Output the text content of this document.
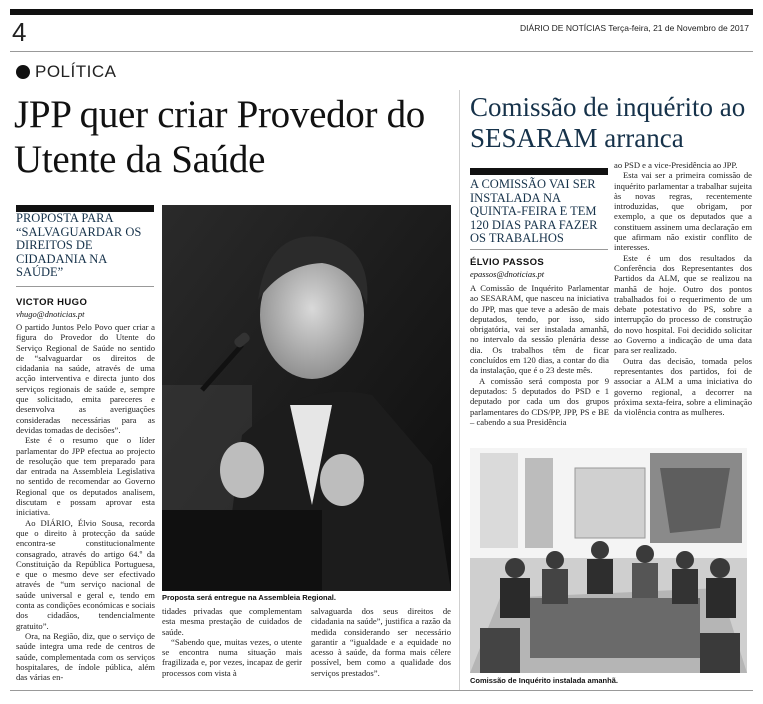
4	DIÁRIO DE NOTÍCIAS Terça-feira, 21 de Novembro de 2017
POLÍTICA
JPP quer criar Provedor do Utente da Saúde
PROPOSTA PARA “SALVAGUARDAR OS DIREITOS DE CIDADANIA NA SAÚDE”
VICTOR HUGO
vhugo@dnoticias.pt

O partido Juntos Pelo Povo quer criar a figura do Provedor do Utente do Serviço Regional de Saúde no sentido de “salvaguardar os direitos de cidadania na saúde, através de uma acção interventiva e directa junto dos serviços regionais de saúde e, sempre que solicitado, emita pareceres e desenvolva as averiguações consideradas necessárias para as devidas tomadas de decisões”.

Este é o resumo que o líder parlamentar do JPP efectua ao projecto de resolução que tem preparado para dar entrada na Assembleia Legislativa no sentido de recomendar ao Governo Regional que os deputados analisem, discutam e possam aprovar esta iniciativa.

Ao DIÁRIO, Élvio Sousa, recorda que o direito à protecção da saúde encontra-se constitucionalmente consagrado, através do artigo 64.º da Constituição da República Portuguesa, e que o mesmo deve ser efectivado através de “um serviço nacional de saúde universal e geral e, tendo em conta as condições económicas e sociais dos cidadãos, tendencialmente gratuito”.

Ora, na Região, diz, que o serviço de saúde integra uma rede de centros de saúde, complementada com os serviços hospitalares, de índole pública, além das várias en-

Proposta será entregue na Assembleia Regional.

tidades privadas que complementam esta mesma prestação de cuidados de saúde.

“Sabendo que, muitas vezes, o utente se encontra numa situação mais fragilizada e, por vezes, incapaz de gerir processos com vista à

salvaguarda dos seus direitos de cidadania na saúde”, justifica a razão da medida considerando ser necessário garantir a “igualdade e a equidade no acesso à saúde, da forma mais célere possível, bem como a qualidade dos serviços prestados”.

Comissão de inquérito ao SESARAM arranca
A COMISSÃO VAI SER INSTALADA NA QUINTA-FEIRA E TEM 120 DIAS PARA FAZER OS TRABALHOS
ÉLVIO PASSOS
epassos@dnoticias.pt

A Comissão de Inquérito Parlamentar ao SESARAM, que nasceu na iniciativa do JPP, mas que teve a adesão de mais deputados, tendo, por isso, sido obrigatória, vai ser instalada amanhã, no intervalo da sessão plenária desse dia. Os trabalhos têm de ficar concluídos em 120 dias, a contar do dia da instalação, que é o 23 deste mês.

A comissão será composta por 9 deputados: 5 deputados do PSD e 1 deputado por cada um dos grupos parlamentares do CDS/PP, JPP, PS e BE – cabendo a sua Presidência

ao PSD e a vice-Presidência ao JPP.

Esta vai ser a primeira comissão de inquérito parlamentar a trabalhar sujeita às novas regras, recentemente introduzidas, que obrigam, por exemplo, a que os deputados que a constituem assinem uma declaração em que afirmam não existir conflito de interesses.

Este é um dos resultados da Conferência dos Representantes dos Partidos da ALM, que se realizou na manhã de hoje. Outro dos pontos trabalhados foi o requerimento de um debate potestativo do PS, sobre a interrupção do processo de construção do novo hospital. Foi decidido solicitar ao Governo a indicação de uma data para ser realizado.

Outra das decisão, tomada pelos representantes dos partidos, foi de associar a ALM a uma iniciativa do governo regional, a decorrer na próxima sexta-feira, sobre a eliminação da violência contra as mulheres.

Comissão de Inquérito instalada amanhã.
